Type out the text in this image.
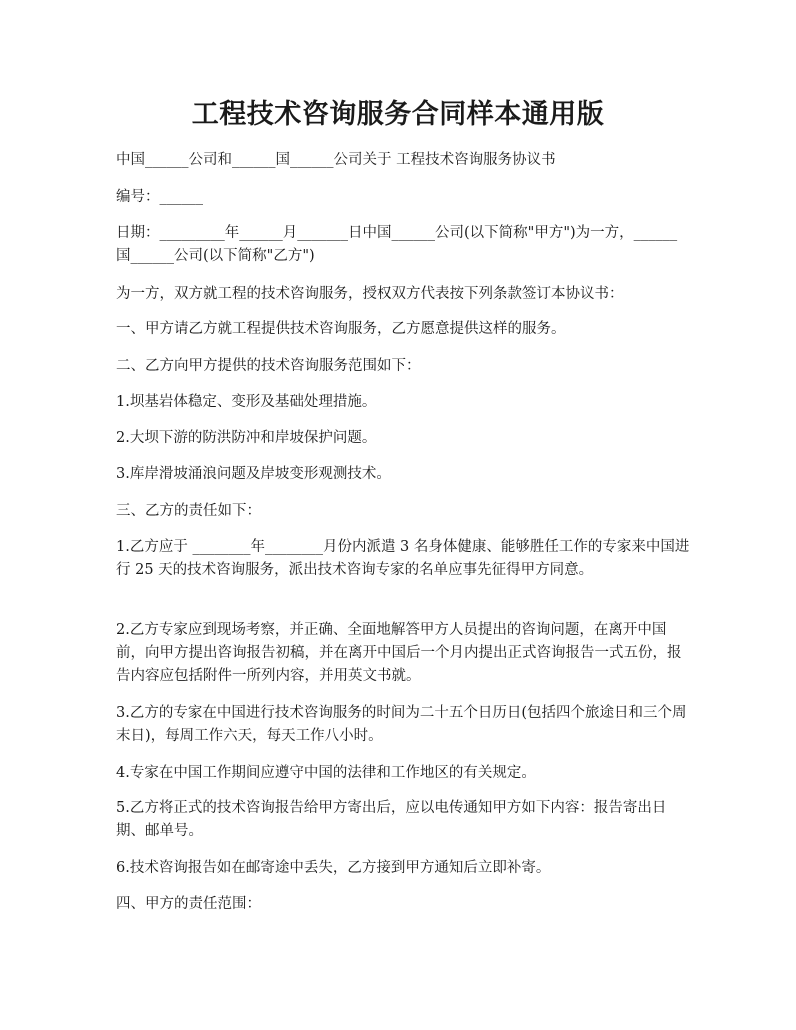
工程技术咨询服务合同样本通用版

中国______公司和______国______公司关于 工程技术咨询服务协议书

编号：______

日期：_________年______月_______日中国______公司(以下简称"甲方")为一方，______国______公司(以下简称"乙方")

为一方，双方就工程的技术咨询服务，授权双方代表按下列条款签订本协议书：

一、甲方请乙方就工程提供技术咨询服务，乙方愿意提供这样的服务。

二、乙方向甲方提供的技术咨询服务范围如下：

1.坝基岩体稳定、变形及基础处理措施。

2.大坝下游的防洪防冲和岸坡保护问题。

3.库岸滑坡涌浪问题及岸坡变形观测技术。

三、乙方的责任如下：

1.乙方应于 ________年________月份内派遣 3 名身体健康、能够胜任工作的专家来中国进行 25 天的技术咨询服务，派出技术咨询专家的名单应事先征得甲方同意。

2.乙方专家应到现场考察，并正确、全面地解答甲方人员提出的咨询问题，在离开中国前，向甲方提出咨询报告初稿，并在离开中国后一个月内提出正式咨询报告一式五份，报告内容应包括附件一所列内容，并用英文书就。

3.乙方的专家在中国进行技术咨询服务的时间为二十五个日历日(包括四个旅途日和三个周末日)，每周工作六天，每天工作八小时。

4.专家在中国工作期间应遵守中国的法律和工作地区的有关规定。

5.乙方将正式的技术咨询报告给甲方寄出后，应以电传通知甲方如下内容：报告寄出日期、邮单号。

6.技术咨询报告如在邮寄途中丢失，乙方接到甲方通知后立即补寄。

四、甲方的责任范围：
